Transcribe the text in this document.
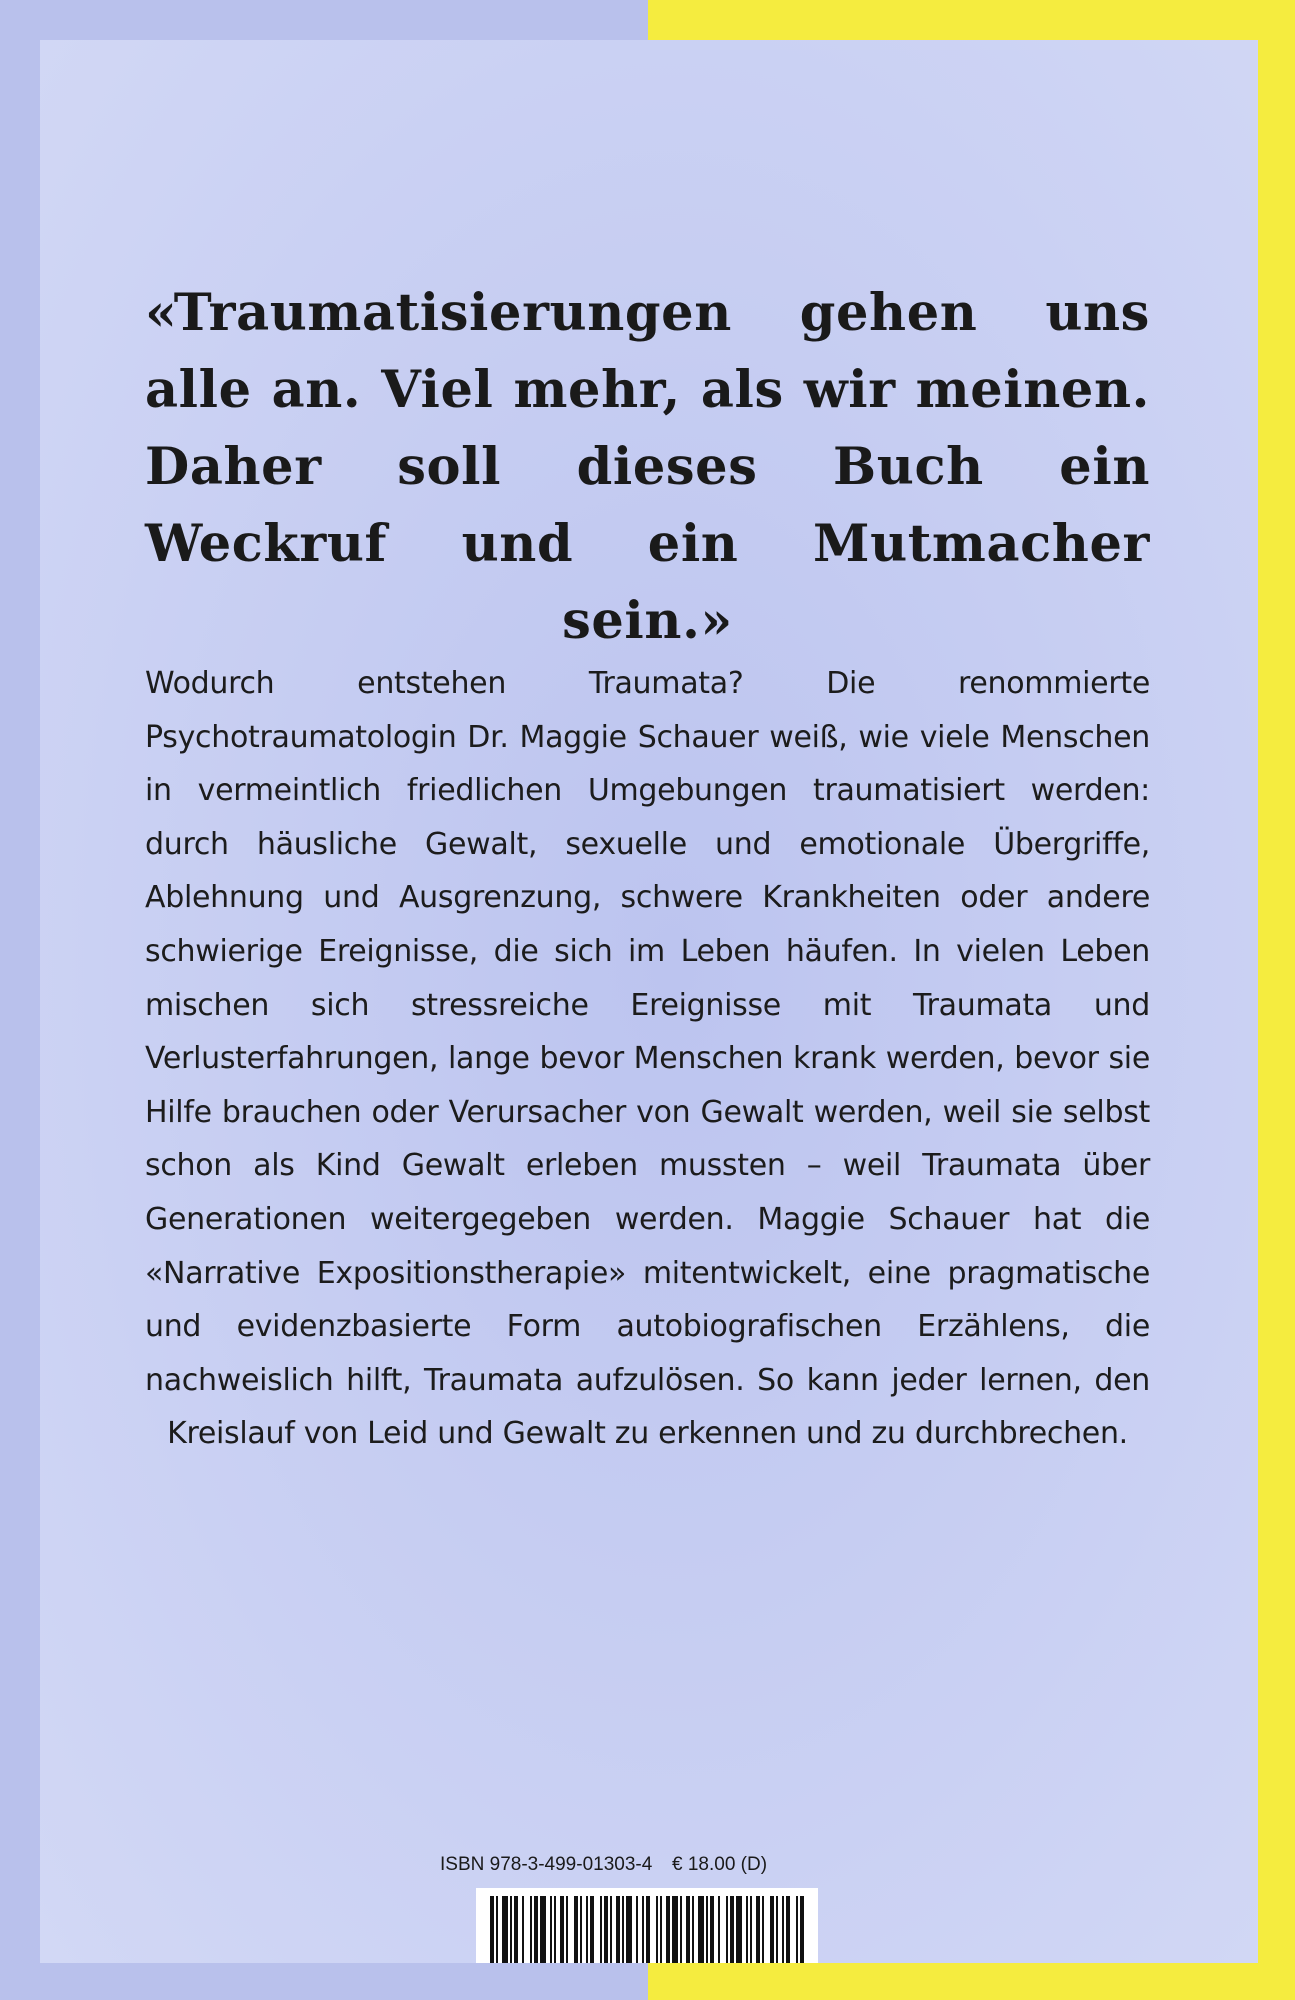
«Traumatisierungen gehen uns alle an. Viel mehr, als wir meinen. Daher soll dieses Buch ein Weckruf und ein Mutmacher sein.»

Wodurch entstehen Traumata? Die renommierte Psychotraumatologin Dr. Maggie Schauer weiß, wie viele Menschen in vermeintlich friedlichen Umgebungen traumatisiert werden: durch häusliche Gewalt, sexuelle und emotionale Übergriffe, Ablehnung und Ausgrenzung, schwere Krankheiten oder andere schwierige Ereignisse, die sich im Leben häufen. In vielen Leben mischen sich stressreiche Ereignisse mit Traumata und Verlusterfahrungen, lange bevor Menschen krank werden, bevor sie Hilfe brauchen oder Verursacher von Gewalt werden, weil sie selbst schon als Kind Gewalt erleben mussten – weil Traumata über Generationen weitergegeben werden. Maggie Schauer hat die «Narrative Expositionstherapie» mitentwickelt, eine pragmatische und evidenzbasierte Form autobiografischen Erzählens, die nachweislich hilft, Traumata aufzulösen. So kann jeder lernen, den Kreislauf von Leid und Gewalt zu erkennen und zu durchbrechen.

ISBN 978-3-499-01303-4 € 18.00 (D)
